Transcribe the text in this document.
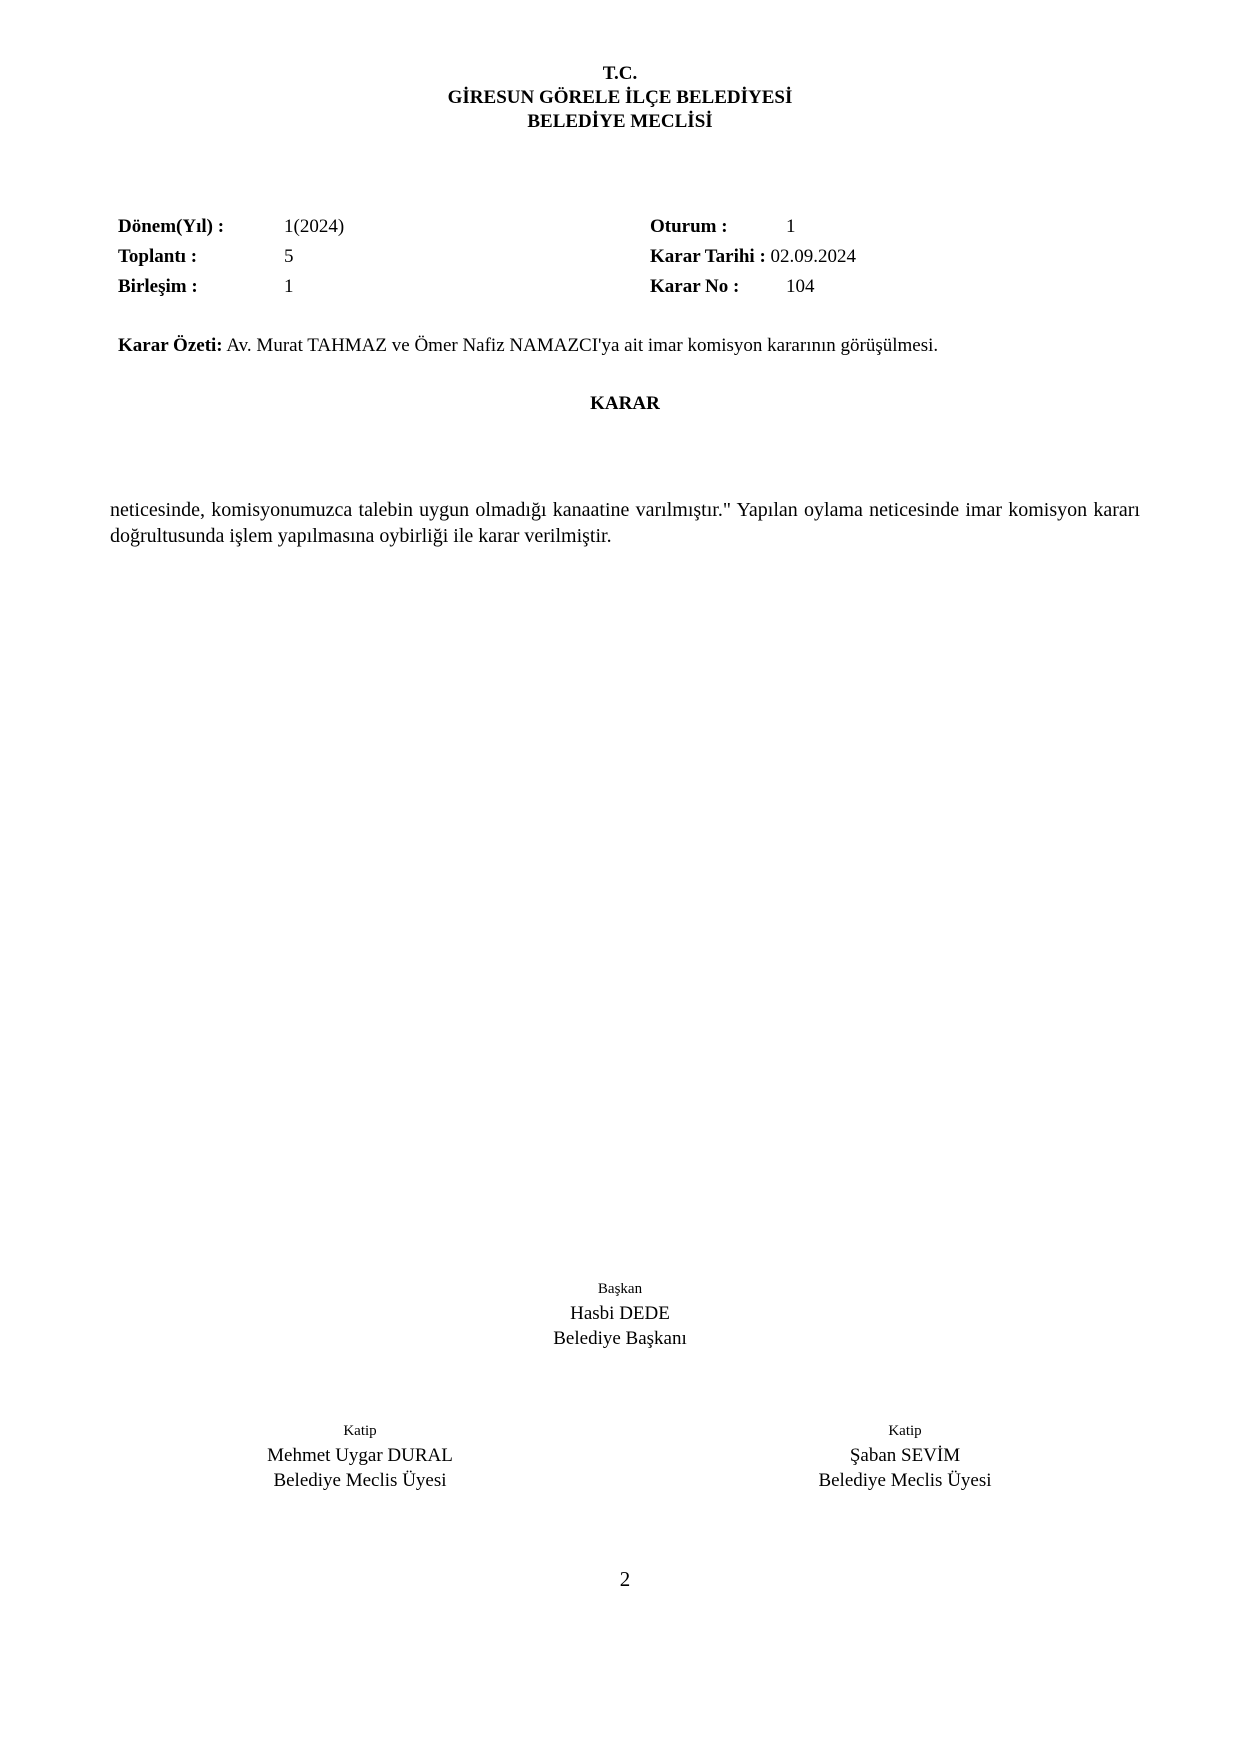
T.C.
GİRESUN GÖRELE İLÇE BELEDİYESİ
BELEDİYE MECLİSİ
Dönem(Yıl) :	1(2024)
Toplantı :	5
Birleşim :	1
Oturum :	1
Karar Tarihi : 02.09.2024
Karar No : 104
Karar Özeti: Av. Murat TAHMAZ ve Ömer Nafiz NAMAZCI'ya ait imar komisyon kararının görüşülmesi.
KARAR
neticesinde, komisyonumuzca talebin uygun olmadığı kanaatine varılmıştır." Yapılan oylama neticesinde imar komisyon kararı doğrultusunda işlem yapılmasına oybirliği ile karar verilmiştir.
Başkan
Hasbi DEDE
Belediye Başkanı
Katip
Mehmet Uygar DURAL
Belediye Meclis Üyesi
Katip
Şaban SEVİM
Belediye Meclis Üyesi
2
